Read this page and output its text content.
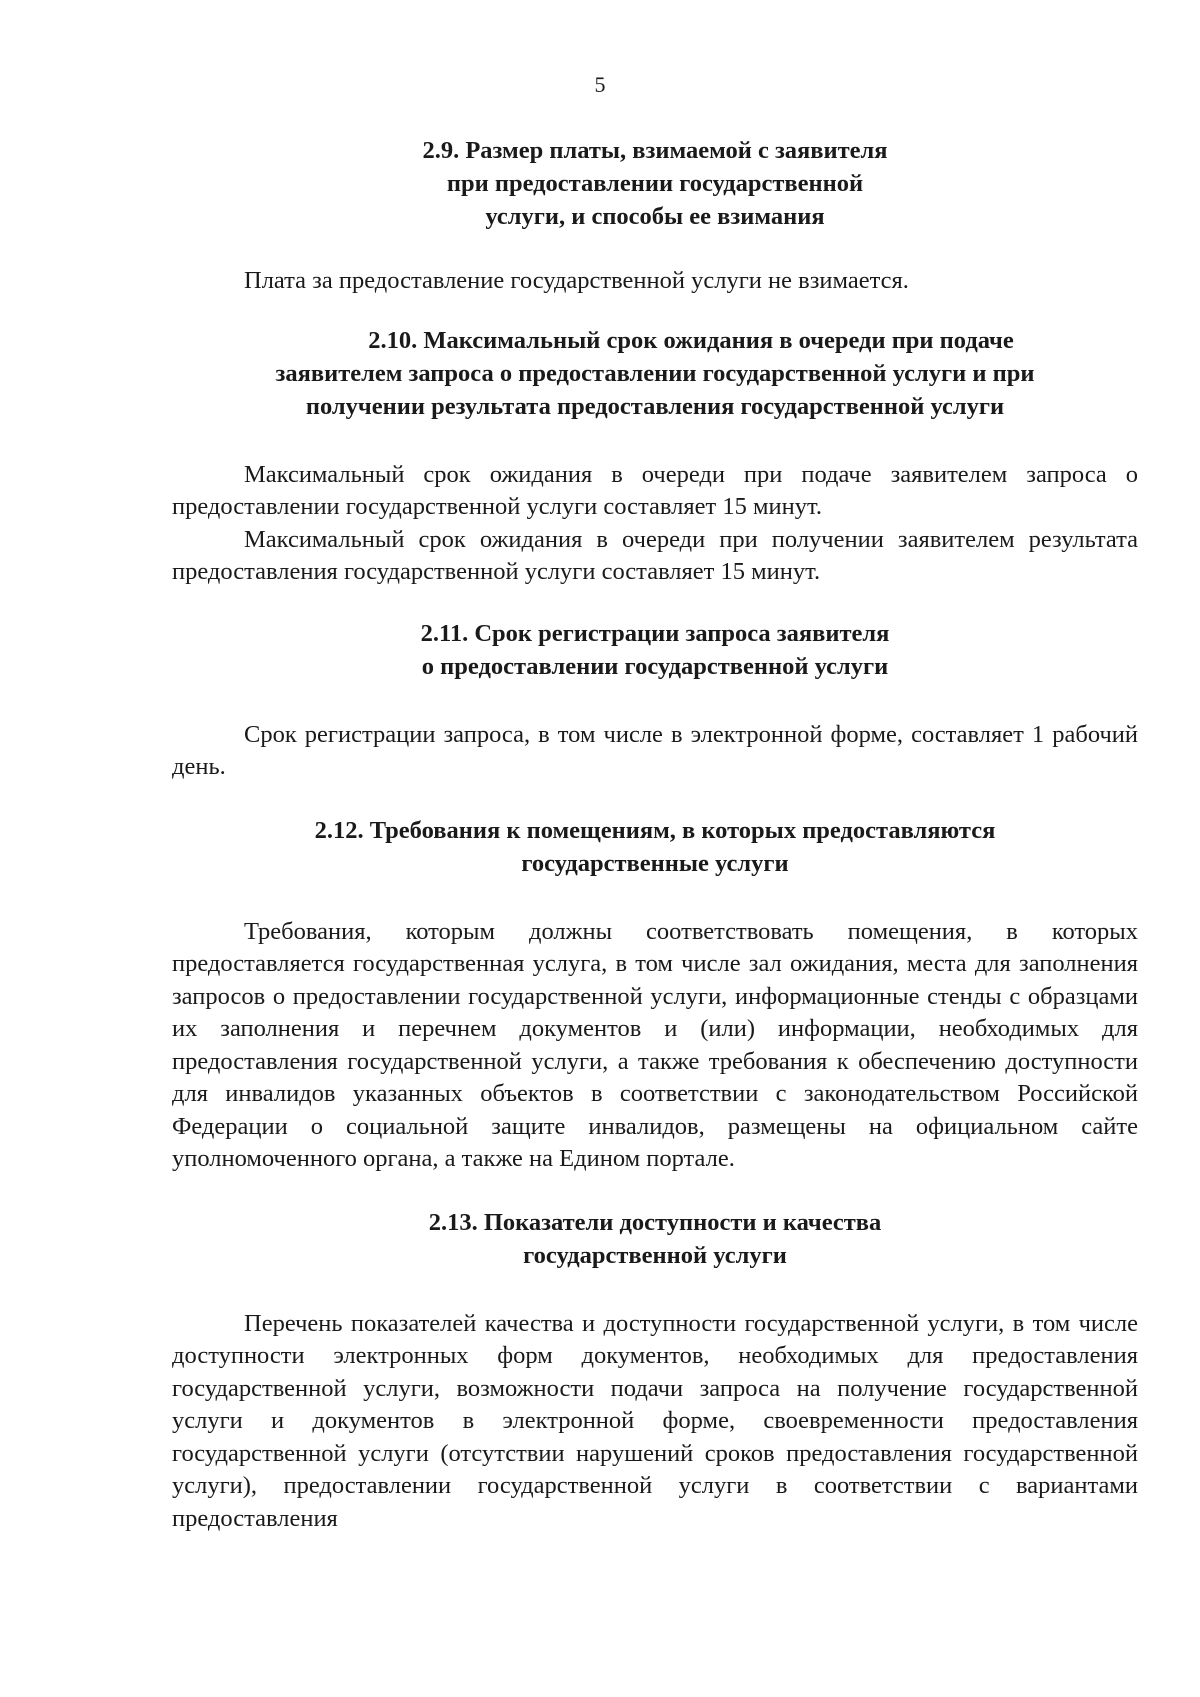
5
2.9. Размер платы, взимаемой с заявителя
при предоставлении государственной
услуги, и способы ее взимания

Плата за предоставление государственной услуги не взимается.

2.10. Максимальный срок ожидания в очереди при подаче
заявителем запроса о предоставлении государственной услуги и при
получении результата предоставления государственной услуги

Максимальный срок ожидания в очереди при подаче заявителем запроса о предоставлении государственной услуги составляет 15 минут.

Максимальный срок ожидания в очереди при получении заявителем результата предоставления государственной услуги составляет 15 минут.

2.11. Срок регистрации запроса заявителя
о предоставлении государственной услуги

Срок регистрации запроса, в том числе в электронной форме, составляет 1 рабочий день.

2.12. Требования к помещениям, в которых предоставляются
государственные услуги

Требования, которым должны соответствовать помещения, в которых предоставляется государственная услуга, в том числе зал ожидания, места для заполнения запросов о предоставлении государственной услуги, информационные стенды с образцами их заполнения и перечнем документов и (или) информации, необходимых для предоставления государственной услуги, а также требования к обеспечению доступности для инвалидов указанных объектов в соответствии с законодательством Российской Федерации о социальной защите инвалидов, размещены на официальном сайте уполномоченного органа, а также на Едином портале.

2.13. Показатели доступности и качества
государственной услуги

Перечень показателей качества и доступности государственной услуги, в том числе доступности электронных форм документов, необходимых для предоставления государственной услуги, возможности подачи запроса на получение государственной услуги и документов в электронной форме, своевременности предоставления государственной услуги (отсутствии нарушений сроков предоставления государственной услуги), предоставлении государственной услуги в соответствии с вариантами предоставления
